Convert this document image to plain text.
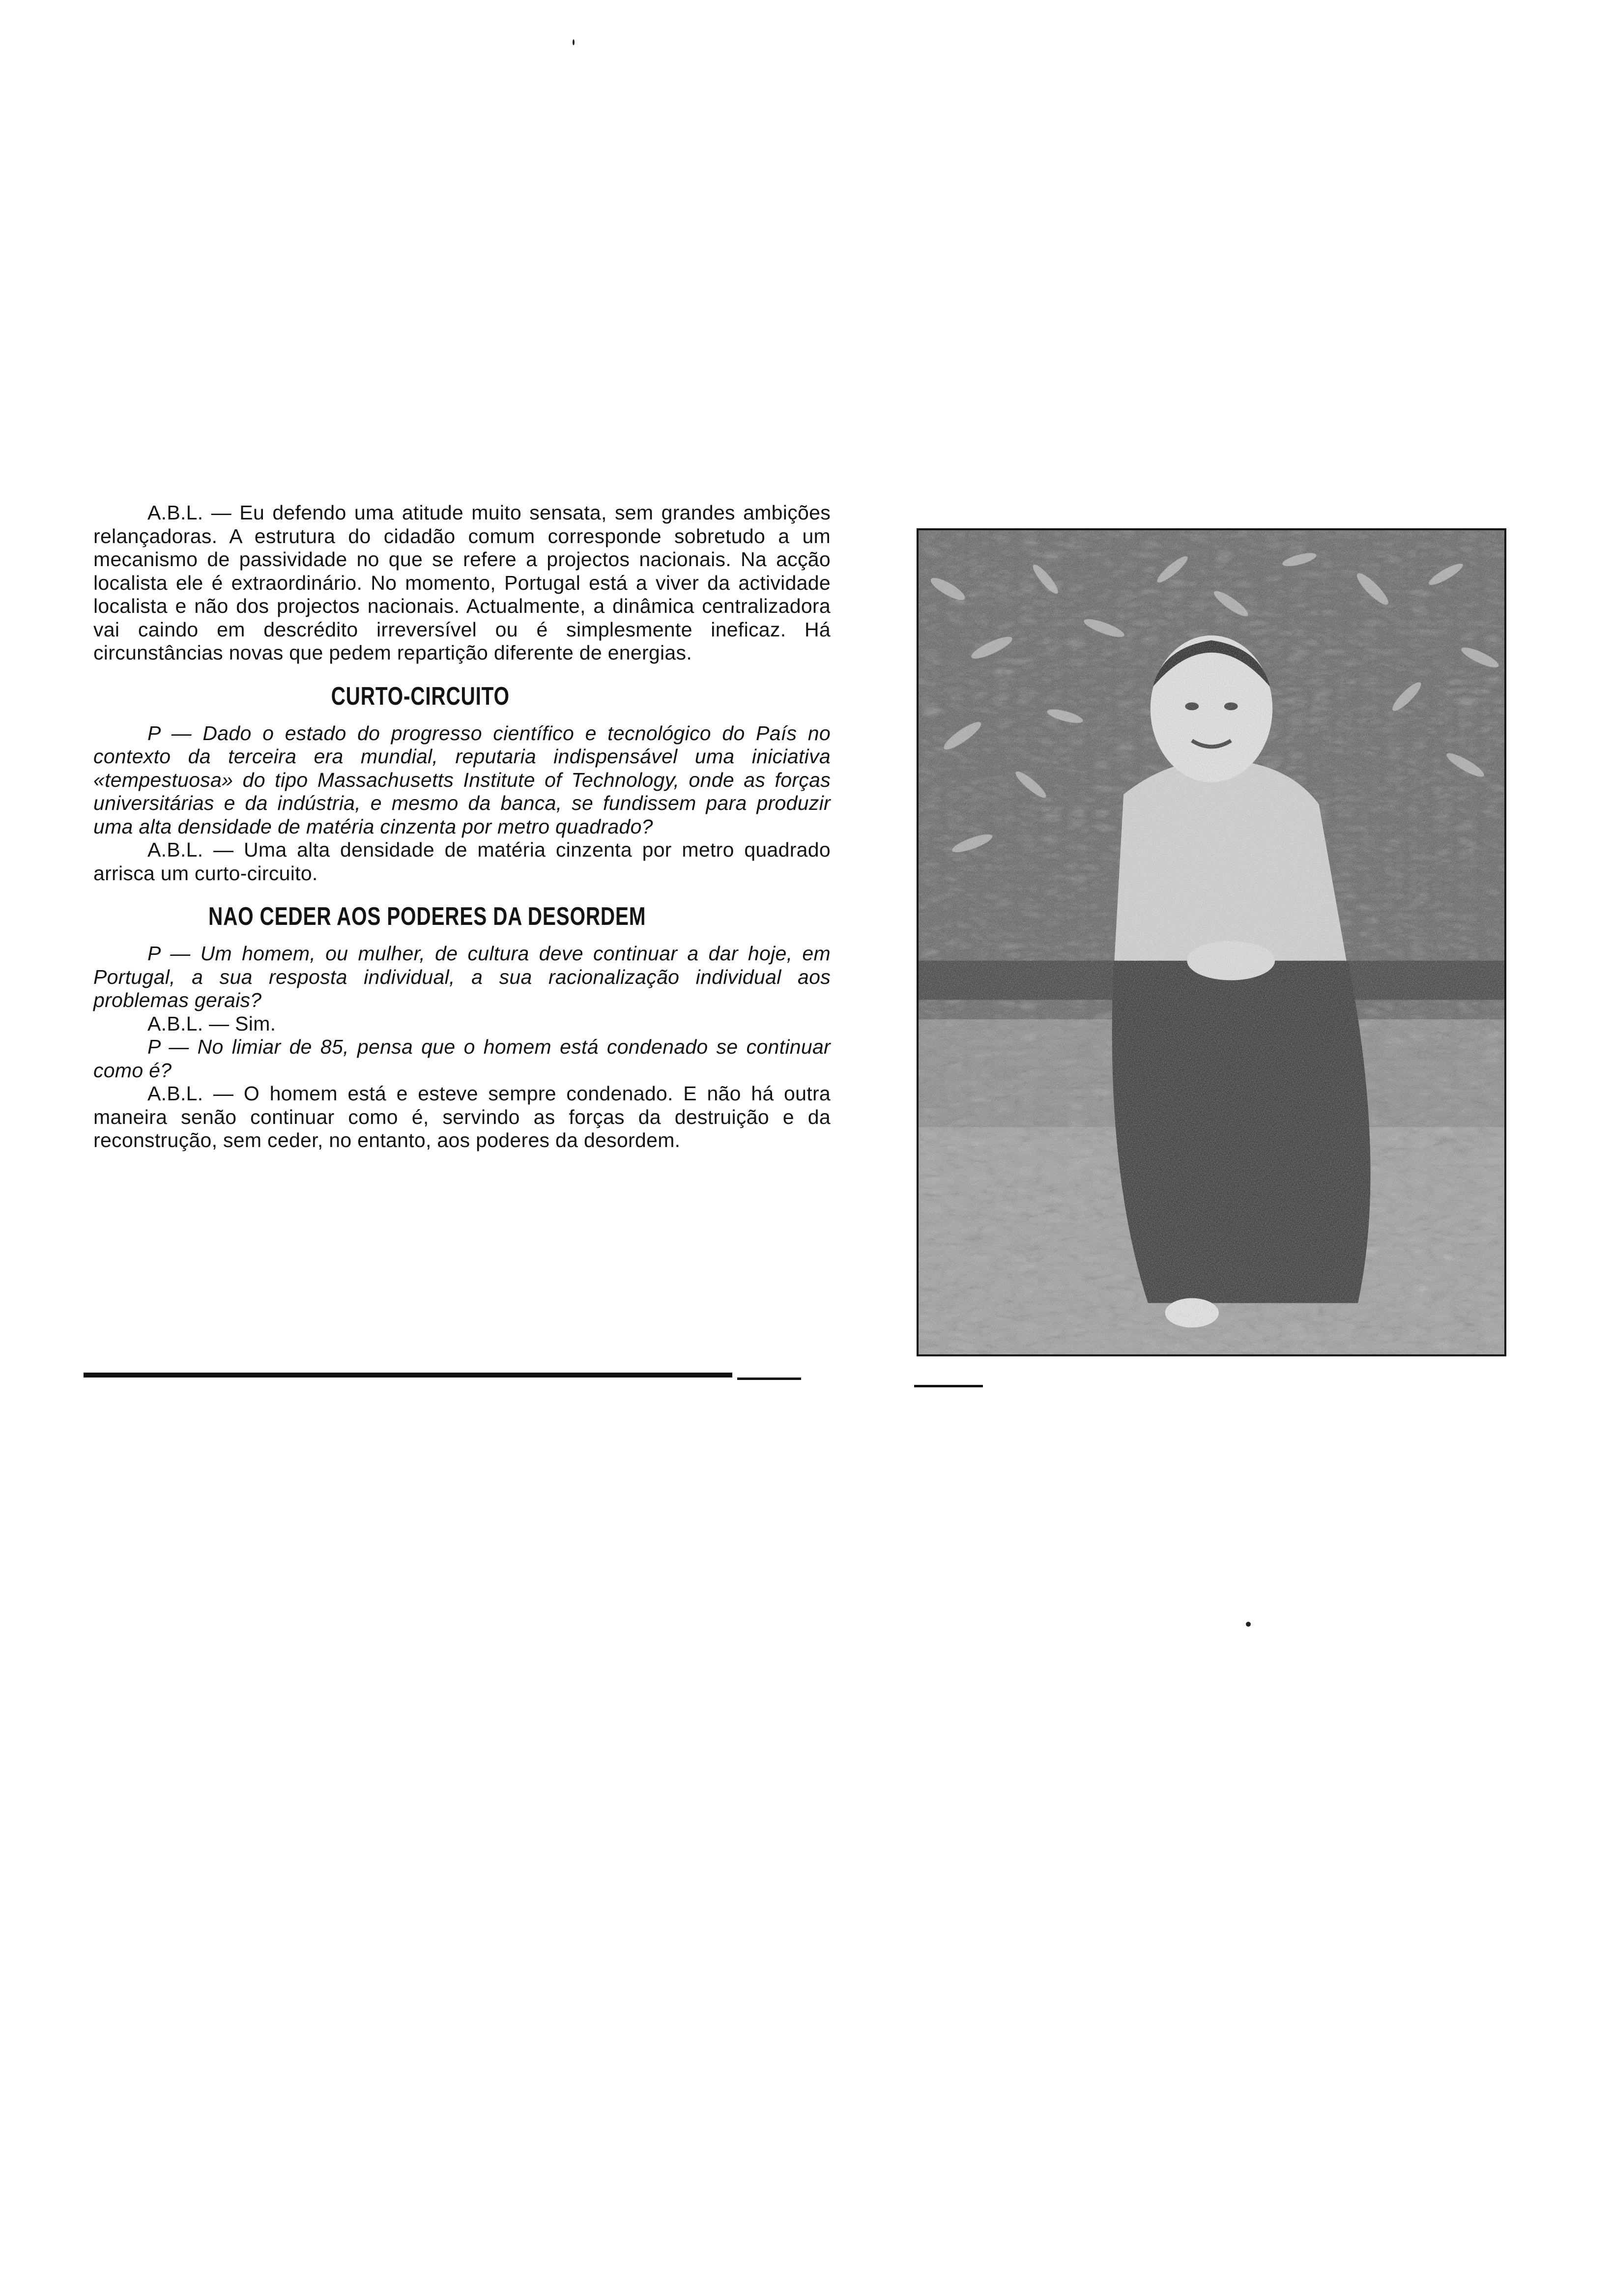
A.B.L. — Eu defendo uma atitude muito sensata, sem grandes ambições relançadoras. A estrutura do cidadão comum corresponde sobretudo a um mecanismo de passividade no que se refere a projectos nacionais. Na acção localista ele é extraordinário. No momento, Portugal está a viver da actividade localista e não dos projectos nacionais. Actualmente, a dinâmica centralizadora vai caindo em descrédito irreversível ou é simplesmente ineficaz. Há circunstâncias novas que pedem repartição diferente de energias.

CURTO-CIRCUITO

P — Dado o estado do progresso científico e tecnológico do País no contexto da terceira era mundial, reputaria indispensável uma iniciativa «tempestuosa» do tipo Massachusetts Institute of Technology, onde as forças universitárias e da indústria, e mesmo da banca, se fundissem para produzir uma alta densidade de matéria cinzenta por metro quadrado?

A.B.L. — Uma alta densidade de matéria cinzenta por metro quadrado arrisca um curto-circuito.

NAO CEDER AOS PODERES DA DESORDEM

P — Um homem, ou mulher, de cultura deve continuar a dar hoje, em Portugal, a sua resposta individual, a sua racionalização individual aos problemas gerais?

A.B.L. — Sim.

P — No limiar de 85, pensa que o homem está condenado se continuar como é?

A.B.L. — O homem está e esteve sempre condenado. E não há outra maneira senão continuar como é, servindo as forças da destruição e da reconstrução, sem ceder, no entanto, aos poderes da desordem.
